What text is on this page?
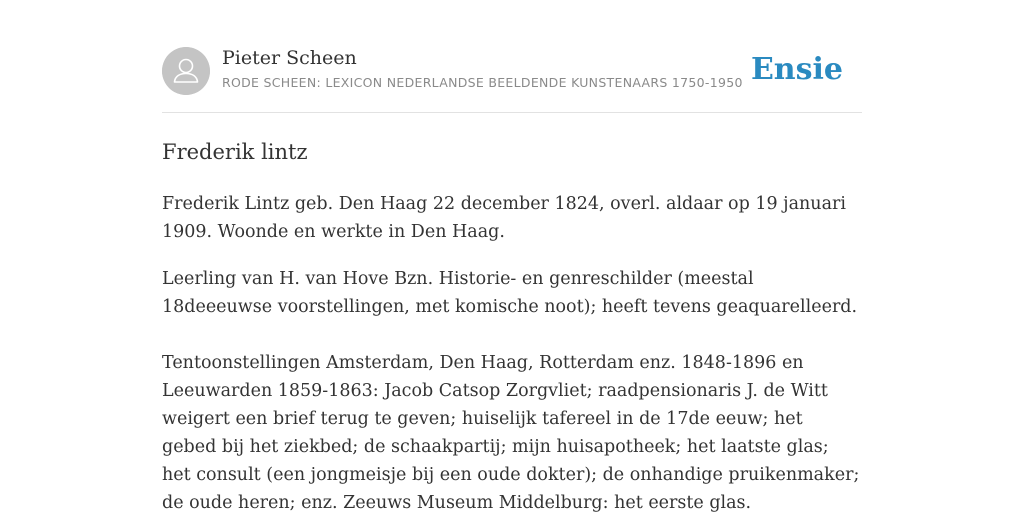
Pieter Scheen
RODE SCHEEN: LEXICON NEDERLANDSE BEELDENDE KUNSTENAARS 1750-1950 Ensie
Frederik lintz

Frederik Lintz geb. Den Haag 22 december 1824, overl. aldaar op 19 januari 1909. Woonde en werkte in Den Haag.

Leerling van H. van Hove Bzn. Historie- en genreschilder (meestal 18deeeuwse voorstellingen, met komische noot); heeft tevens geaquarelleerd.

Tentoonstellingen Amsterdam, Den Haag, Rotterdam enz. 1848-1896 en Leeuwarden 1859-1863: Jacob Catsop Zorgvliet; raadpensionaris J. de Witt weigert een brief terug te geven; huiselijk tafereel in de 17de eeuw; het gebed bij het ziekbed; de schaakpartij; mijn huisapotheek; het laatste glas; het consult (een jongmeisje bij een oude dokter); de onhandige pruikenmaker; de oude heren; enz. Zeeuws Museum Middelburg: het eerste glas.
